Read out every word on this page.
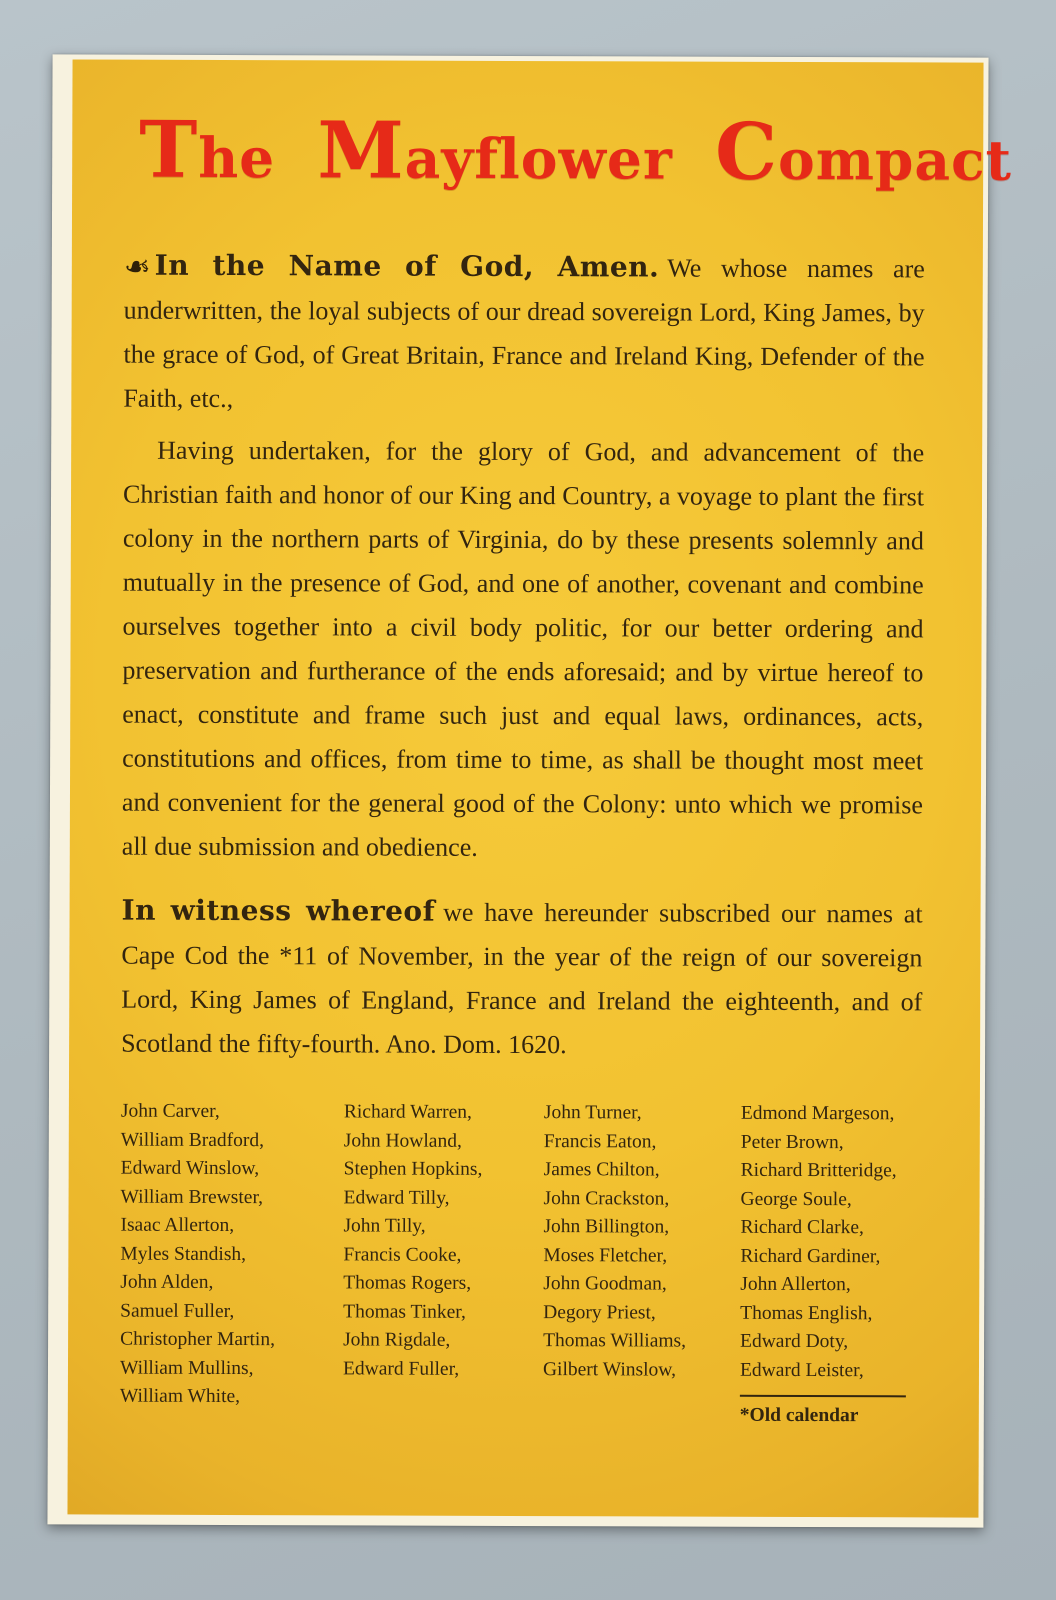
The Mayflower Compact

❧ In the Name of God, Amen. We whose names are underwritten, the loyal subjects of our dread sovereign Lord, King James, by the grace of God, of Great Britain, France and Ireland King, Defender of the Faith, etc.,

Having undertaken, for the glory of God, and advancement of the Christian faith and honor of our King and Country, a voyage to plant the first colony in the northern parts of Virginia, do by these presents solemnly and mutually in the presence of God, and one of another, covenant and combine ourselves together into a civil body politic, for our better ordering and preservation and furtherance of the ends aforesaid; and by virtue hereof to enact, constitute and frame such just and equal laws, ordinances, acts, constitutions and offices, from time to time, as shall be thought most meet and convenient for the general good of the Colony: unto which we promise all due submission and obedience.

In witness whereof we have hereunder subscribed our names at Cape Cod the *11 of November, in the year of the reign of our sovereign Lord, King James of England, France and Ireland the eighteenth, and of Scotland the fifty-fourth. Ano. Dom. 1620.

John Carver,
William Bradford,
Edward Winslow,
William Brewster,
Isaac Allerton,
Myles Standish,
John Alden,
Samuel Fuller,
Christopher Martin,
William Mullins,
William White,
Richard Warren,
John Howland,
Stephen Hopkins,
Edward Tilly,
John Tilly,
Francis Cooke,
Thomas Rogers,
Thomas Tinker,
John Rigdale,
Edward Fuller,
John Turner,
Francis Eaton,
James Chilton,
John Crackston,
John Billington,
Moses Fletcher,
John Goodman,
Degory Priest,
Thomas Williams,
Gilbert Winslow,
Edmond Margeson,
Peter Brown,
Richard Britteridge,
George Soule,
Richard Clarke,
Richard Gardiner,
John Allerton,
Thomas English,
Edward Doty,
Edward Leister,
*Old calendar
